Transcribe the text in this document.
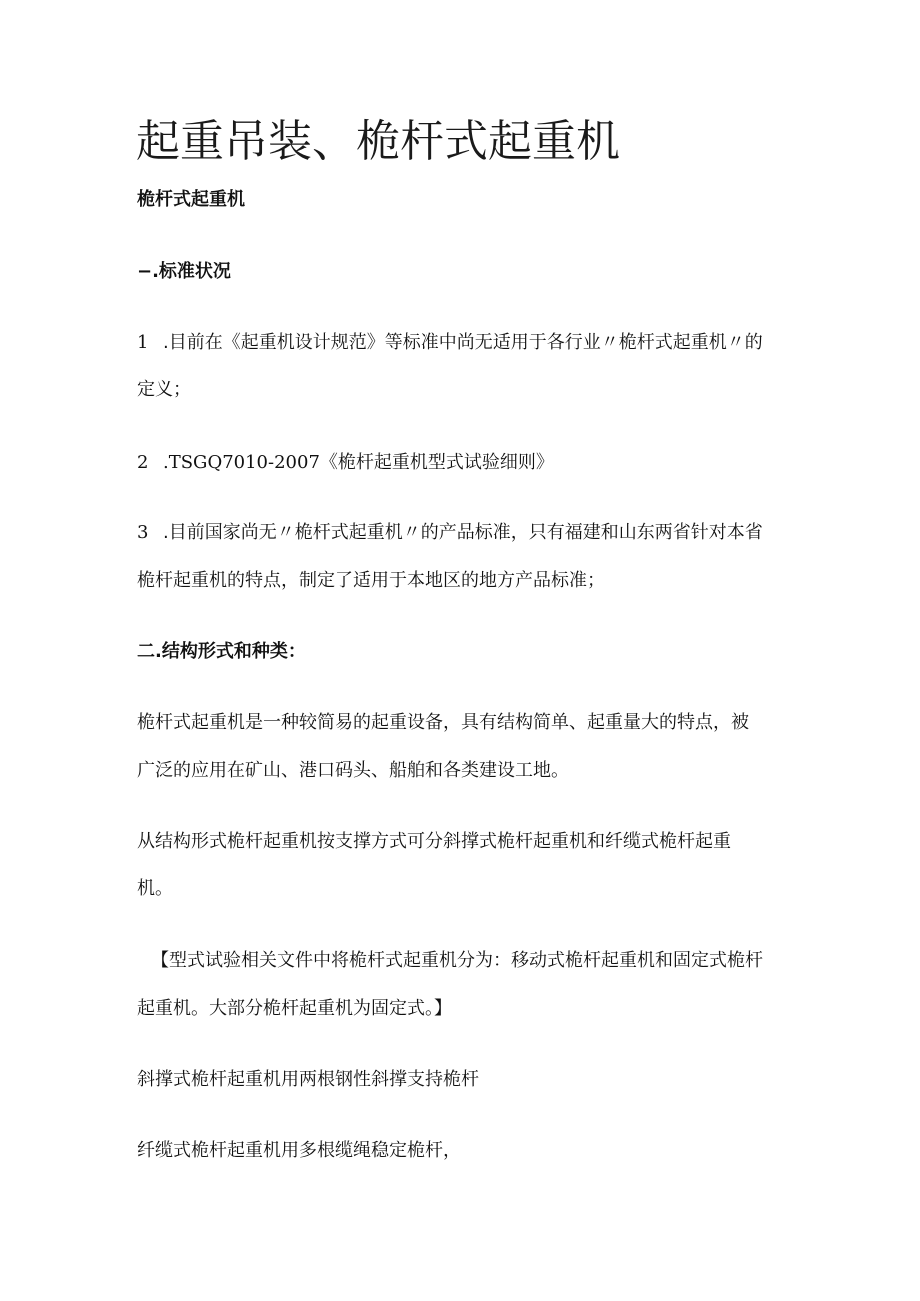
起重吊装、桅杆式起重机
桅杆式起重机
−.标准状况
1 .目前在《起重机设计规范》等标准中尚无适用于各行业〃桅杆式起重机〃的
定义；
2 .TSGQ7010-2007《桅杆起重机型式试验细则》
3 .目前国家尚无〃桅杆式起重机〃的产品标准，只有福建和山东两省针对本省
桅杆起重机的特点，制定了适用于本地区的地方产品标准；
二.结构形式和种类：
桅杆式起重机是一种较简易的起重设备，具有结构简单、起重量大的特点，被
广泛的应用在矿山、港口码头、船舶和各类建设工地。
从结构形式桅杆起重机按支撑方式可分斜撑式桅杆起重机和纤缆式桅杆起重
机。
【型式试验相关文件中将桅杆式起重机分为：移动式桅杆起重机和固定式桅杆
起重机。大部分桅杆起重机为固定式。】
斜撑式桅杆起重机用两根钢性斜撑支持桅杆
纤缆式桅杆起重机用多根缆绳稳定桅杆，
